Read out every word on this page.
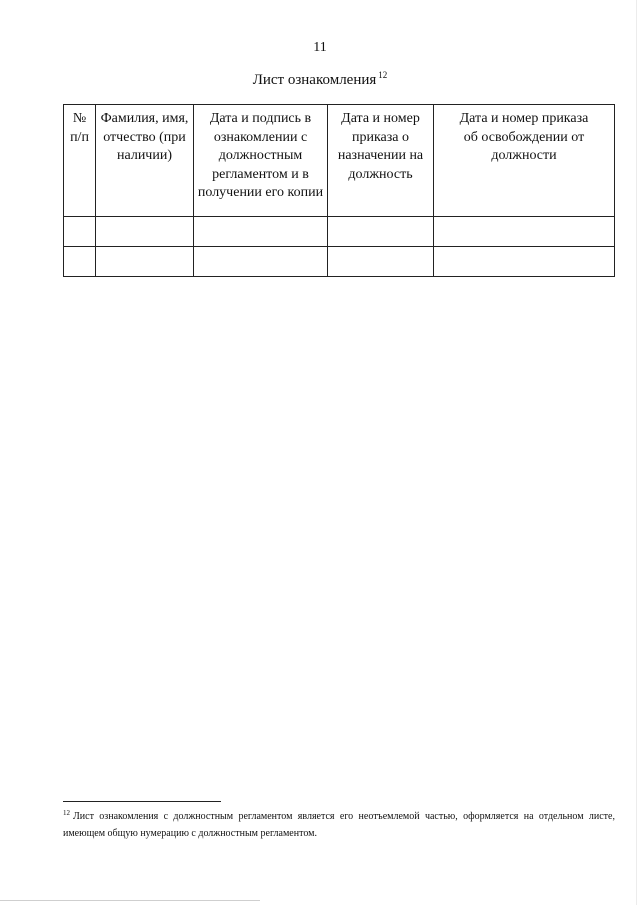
11
Лист ознакомления $^{12}$
№ п/п	Фамилия, имя, отчество (при наличии)	Дата и подпись в ознакомлении с должностным регламентом и в получении его копии	Дата и номер приказа о назначении на должность	Дата и номер приказа об освобождении от должности

$^{12}$ Лист ознакомления с должностным регламентом является его неотъемлемой частью, оформляется на отдельном листе, имеющем общую нумерацию с должностным регламентом.
